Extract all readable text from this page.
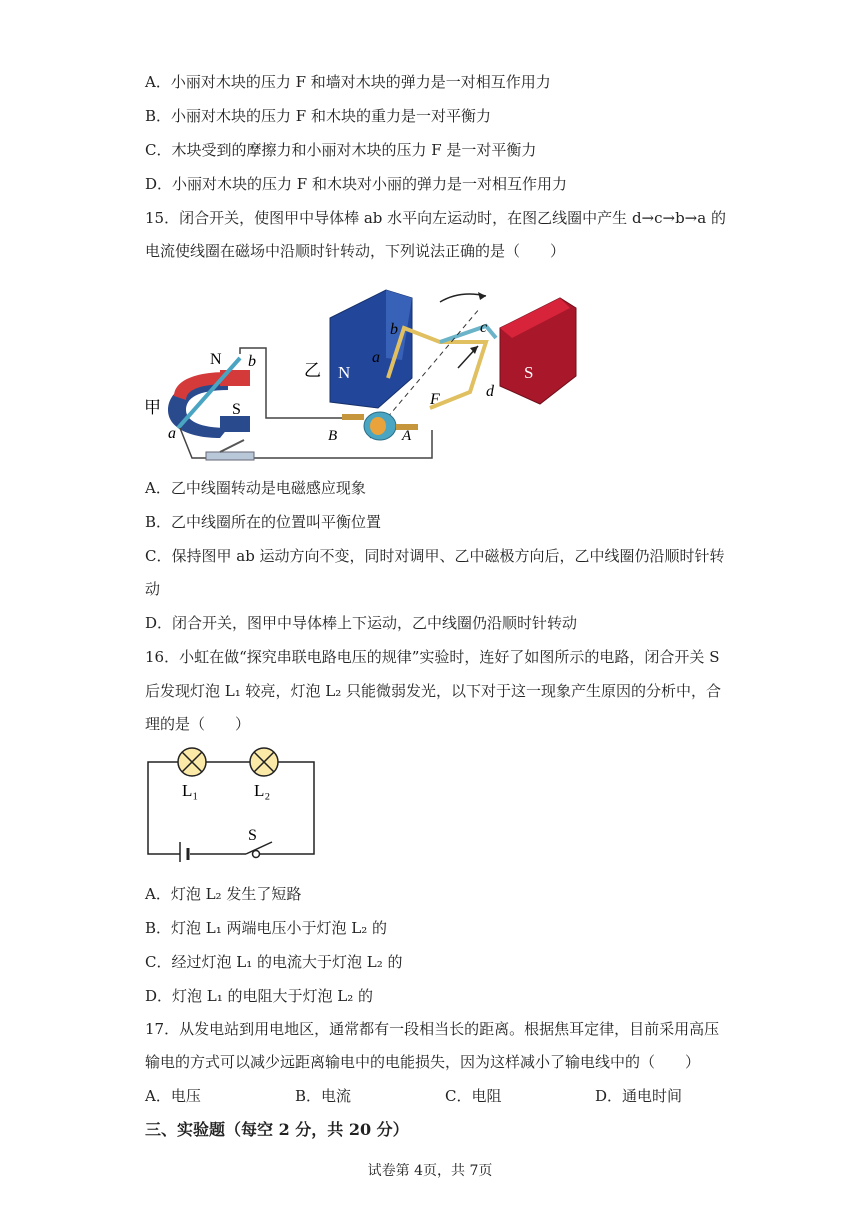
A．小丽对木块的压力 F 和墙对木块的弹力是一对相互作用力
B．小丽对木块的压力 F 和木块的重力是一对平衡力
C．木块受到的摩擦力和小丽对木块的压力 F 是一对平衡力
D．小丽对木块的压力 F 和木块对小丽的弹力是一对相互作用力
15．闭合开关，使图甲中导体棒 ab 水平向左运动时，在图乙线圈中产生 d→c→b→a 的
电流使线圈在磁场中沿顺时针转动，下列说法正确的是（　　）
N
S
a
b
甲
乙 N	S
b
a
c
d
F
B	A
A．乙中线圈转动是电磁感应现象
B．乙中线圈所在的位置叫平衡位置
C．保持图甲 ab 运动方向不变，同时对调甲、乙中磁极方向后，乙中线圈仍沿顺时针转
动
D．闭合开关，图甲中导体棒上下运动，乙中线圈仍沿顺时针转动
16．小虹在做“探究串联电路电压的规律”实验时，连好了如图所示的电路，闭合开关 S
后发现灯泡 L₁ 较亮，灯泡 L₂ 只能微弱发光，以下对于这一现象产生原因的分析中，合
理的是（　　）
L₁	L₂
S
A．灯泡 L₂ 发生了短路
B．灯泡 L₁ 两端电压小于灯泡 L₂ 的
C．经过灯泡 L₁ 的电流大于灯泡 L₂ 的
D．灯泡 L₁ 的电阻大于灯泡 L₂ 的
17．从发电站到用电地区，通常都有一段相当长的距离。根据焦耳定律，目前采用高压
输电的方式可以减少远距离输电中的电能损失，因为这样减小了输电线中的（　　）
A．电压	B．电流	C．电阻	D．通电时间
三、实验题（每空 2 分，共 20 分）
试卷第 4页，共 7页
